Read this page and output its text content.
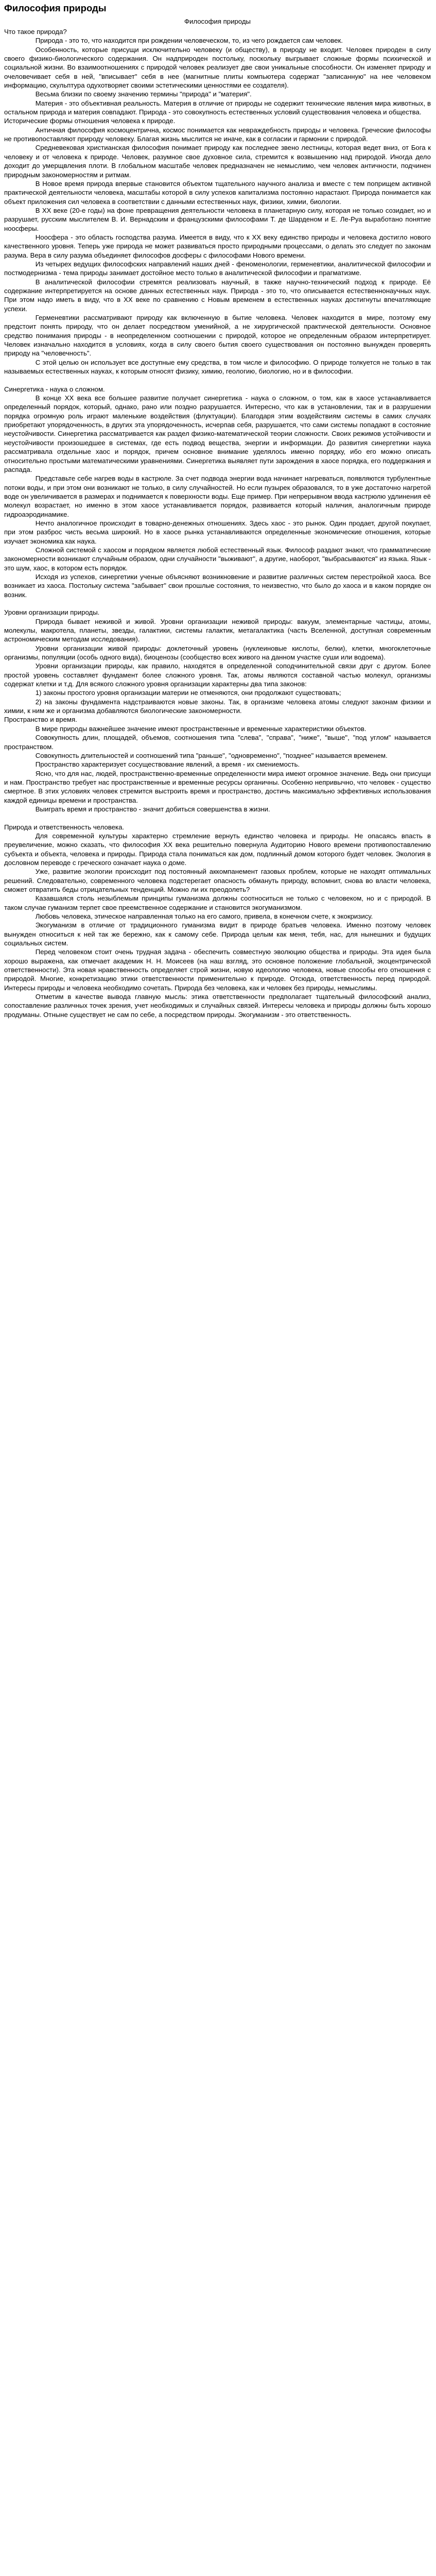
Философия природы
Философия природы

Что такое природа?

Природа - это то, что находится при рождении человеческом, то, из чего рождается сам человек.

Особенность, которые присущи исключительно человеку (и обществу), в природу не входит. Человек природен в силу своего физико-биологического содержания. Он надприроден постольку, поскольку выгрывает сложные формы психической и социальной жизни. Во взаимоотношениях с природой человек реализует две свои уникальные способности. Он изменяет природу и очеловечивает себя в ней, "вписывает" себя в нее (магнитные плиты компьютера содержат "записанную" на нее человеком информацию, скульптура одухотворяет своими эстетическими ценностями ее создателя).

Весьма близки по своему значению термины "природа" и "материя".

Материя - это объективная реальность. Материя в отличие от природы не содержит технические явления мира животных, в остальном природа и материя совпадают. Природа - это совокупность естественных условий существования человека и общества.

Исторические формы отношения человека к природе.

Античная философия космоцентрична, космос понимается как невраждебность природы и человека. Греческие философы не противопоставляют природу человеку. Благая жизнь мыслится не иначе, как в согласии и гармонии с природой.

Средневековая христианская философия понимает природу как последнее звено лестницы, которая ведет вниз, от Бога к человеку и от человека к природе. Человек, разумное свое духовное сила, стремится к возвышению над природой. Иногда дело доходит до умерщвления плоти. В глобальном масштабе человек предназначен не немыслимо, чем человек античности, подчинен природным закономерностям и ритмам.

В Новое время природа впервые становится объектом тщательного научного анализа и вместе с тем поприщем активной практической деятельности человека, масштабы которой в силу успехов капитализма постоянно нарастают. Природа понимается как объект приложения сил человека в соответствии с данными естественных наук, физики, химии, биологии.

В XX веке (20-е годы) на фоне превращения деятельности человека в планетарную силу, которая не только созидает, но и разрушает, русским мыслителем В. И. Вернадским и французскими философами Т. де Шарденом и Е. Ле-Руа выработано понятие ноосферы.

Ноосфера - это область господства разума. Имеется в виду, что к XX веку единство природы и человека достигло нового качественного уровня. Теперь уже природа не может развиваться просто природными процессами, о делать это следует по законам разума. Вера в силу разума объединяет философов досферы с философами Нового времени.

Из четырех ведущих философских направлений наших дней - феноменологии, герменевтики, аналитической философии и постмодернизма - тема природы занимает достойное место только в аналитической философии и прагматизме.

В аналитической философии стремятся реализовать научный, в также научно-технический подход к природе. Её содержание интерпретируется на основе данных естественных наук. Природа - это то, что описывается естественнонаучных наук. При этом надо иметь в виду, что в XX веке по сравнению с Новым временем в естественных науках достигнуты впечатляющие успехи.

Герменевтики рассматривают природу как включенную в бытие человека. Человек находится в мире, поэтому ему предстоит понять природу, что он делает посредством уменийной, а не хирургической практической деятельности. Основное средство понимания природы - в неопределенном соотношении с природой, которое не определенным образом интерпретирует. Человек изначально находится в условиях, когда в силу своего бытия своего существования он постоянно вынужден проверять природу на "человечность".

С этой целью он использует все доступные ему средства, в том числе и философию. О природе толкуется не только в так называемых естественных науках, к которым относят физику, химию, геологию, биологию, но и в философии.

Синергетика - наука о сложном.

В конце XX века все большее развитие получает синергетика - наука о сложном, о том, как в хаосе устанавливается определенный порядок, который, однако, рано или поздно разрушается. Интересно, что как в установлении, так и в разрушении порядка огромную роль играют маленькие воздействия (флуктуации). Благодаря этим воздействиям системы в самих случаях приобретают упорядоченность, в других эта упорядоченность, исчерпав себя, разрушается, что сами системы попадают в состояние неустойчивости. Синергетика рассматривается как раздел физико-математической теории сложности. Своих режимов устойчивости и неустойчивости произошедшее в системах, где есть подвод вещества, энергии и информации. До развития синергетики наука рассматривала отдельные хаос и порядок, причем основное внимание уделялось именно порядку, ибо его можно описать относительно простыми математическими уравнениями. Синергетика выявляет пути зарождения в хаосе порядка, его поддержания и распада.

Представьте себе нагрев воды в кастрюле. За счет подвода энергии вода начинает нагреваться, появляются турбулентные потоки воды, и при этом они возникают не только, в силу случайностей. Но если пузырек образовался, то в уже достаточно нагретой воде он увеличивается в размерах и поднимается к поверхности воды. Еще пример. При непрерывном ввода кастрюлю удлинения её молекул возрастает, но именно в этом хаосе устанавливается порядок, развивается который наличия, аналогичным природе гидроаэродинамике.

Нечто аналогичное происходит в товарно-денежных отношениях. Здесь хаос - это рынок. Один продает, другой покупает, при этом разброс чисть весьма широкий. Но в хаосе рынка устанавливаются определенные экономические отношения, которые изучает экономика как наука.

Сложной системой с хаосом и порядком является любой естественный язык. Философ раздают знают, что грамматические закономерности возникают случайным образом, одни случайности "выживают", а другие, наоборот, "выбрасываются" из языка. Язык - это шум, хаос, в котором есть порядок.

Исходя из успехов, синергетики ученые объясняют возникновение и развитие различных систем перестройкой хаоса. Все возникает из хаоса. Постольку система "забывает" свои прошлые состояния, то неизвестно, что было до хаоса и в каком порядке он возник.

Уровни организации природы.

Природа бывает неживой и живой. Уровни организации неживой природы: вакуум, элементарные частицы, атомы, молекулы, макротела, планеты, звезды, галактики, системы галактик, метагалактика (часть Вселенной, доступная современным астрономическим методам исследования).

Уровни организации живой природы: доклеточный уровень (нуклеиновые кислоты, белки), клетки, многоклеточные организмы, популяции (особь одного вида), биоценозы (сообщество всех живого на данном участке суши или водоема).

Уровни организации природы, как правило, находятся в определенной соподчинительной связи друг с другом. Более простой уровень составляет фундамент более сложного уровня. Так, атомы являются составной частью молекул, организмы содержат клетки и т.д. Для всякого сложного уровня организации характерны два типа законов:

1) законы простого уровня организации материи не отменяются, они продолжают существовать;

2) на законы фундамента надстраиваются новые законы. Так, в организме человека атомы следуют законам физики и химии, к ним же и организма добавляются биологические закономерности.

Пространство и время.

В мире природы важнейшее значение имеют пространственные и временные характеристики объектов.

Совокупность длин, площадей, объемов, соотношения типа "слева", "справа", "ниже", "выше", "под углом" называется пространством.

Совокупность длительностей и соотношений типа "раньше", "одновременно", "позднее" называется временем.

Пространство характеризует сосуществование явлений, а время - их смениемость.

Ясно, что для нас, людей, пространственно-временные определенности мира имеют огромное значение. Ведь они присущи и нам. Пространство требует нас пространственные и временные ресурсы органичны. Особенно непривычно, что человек - существо смертное. В этих условиях человек стремится выстроить время и пространство, достичь максимально эффективных использования каждой единицы времени и пространства.

Выиграть время и пространство - значит добиться совершенства в жизни.

Природа и ответственность человека.

Для современной культуры характерно стремление вернуть единство человека и природы. Не опасаясь впасть в преувеличение, можно сказать, что философия XX века решительно повернула Аудиторию Нового времени противопоставлению субъекта и объекта, человека и природы. Природа стала пониматься как дом, подлинный домом которого будет человек. Экология в дословном переводе с греческого означает наука о доме.

Уже, развитие экологии происходит под постоянный аккомпанемент газовых проблем, которые не находят оптимальных решений. Следовательно, современного человека подстерегает опасность обмануть природу, вспомнит, снова во власти человека, сможет отвратить беды отрицательных тенденций. Можно ли их преодолеть?

Казавшаяся столь незыблемым принципы гуманизма должны соотноситься не только с человеком, но и с природой. В таком случае гуманизм терпет свое преемственное содержание и становится экогуманизмом.

Любовь человека, этическое направленная только на его самого, привела, в конечном счете, к экокризису.

Экогуманизм в отличие от традиционного гуманизма видит в природе братьев человека. Именно поэтому человек вынужден относиться к ней так же бережно, как к самому себе. Природа целым как меня, тебя, нас, для нынешних и будущих социальных систем.

Перед человеком стоит очень трудная задача - обеспечить совместную эволюцию общества и природы. Эта идея была хорошо выражена, как отмечает академик Н. Н. Моисеев (на наш взгляд, это основное положение глобальной, экоцентрической ответственности). Эта новая нравственность определяет строй жизни, новую идеологию человека, новые способы его отношения с природой. Многие, конкретизацию этики ответственности применительно к природе. Отсюда, ответственность перед природой. Интересы природы и человека необходимо сочетать. Природа без человека, как и человек без природы, немыслимы.

Отметим в качестве вывода главную мысль: этика ответственности предполагает тщательный философский анализ, сопоставление различных точек зрения, учет необходимых и случайных связей. Интересы человека и природы должны быть хорошо продуманы. Отныне существует не сам по себе, а посредством природы. Экогуманизм - это ответственность.
